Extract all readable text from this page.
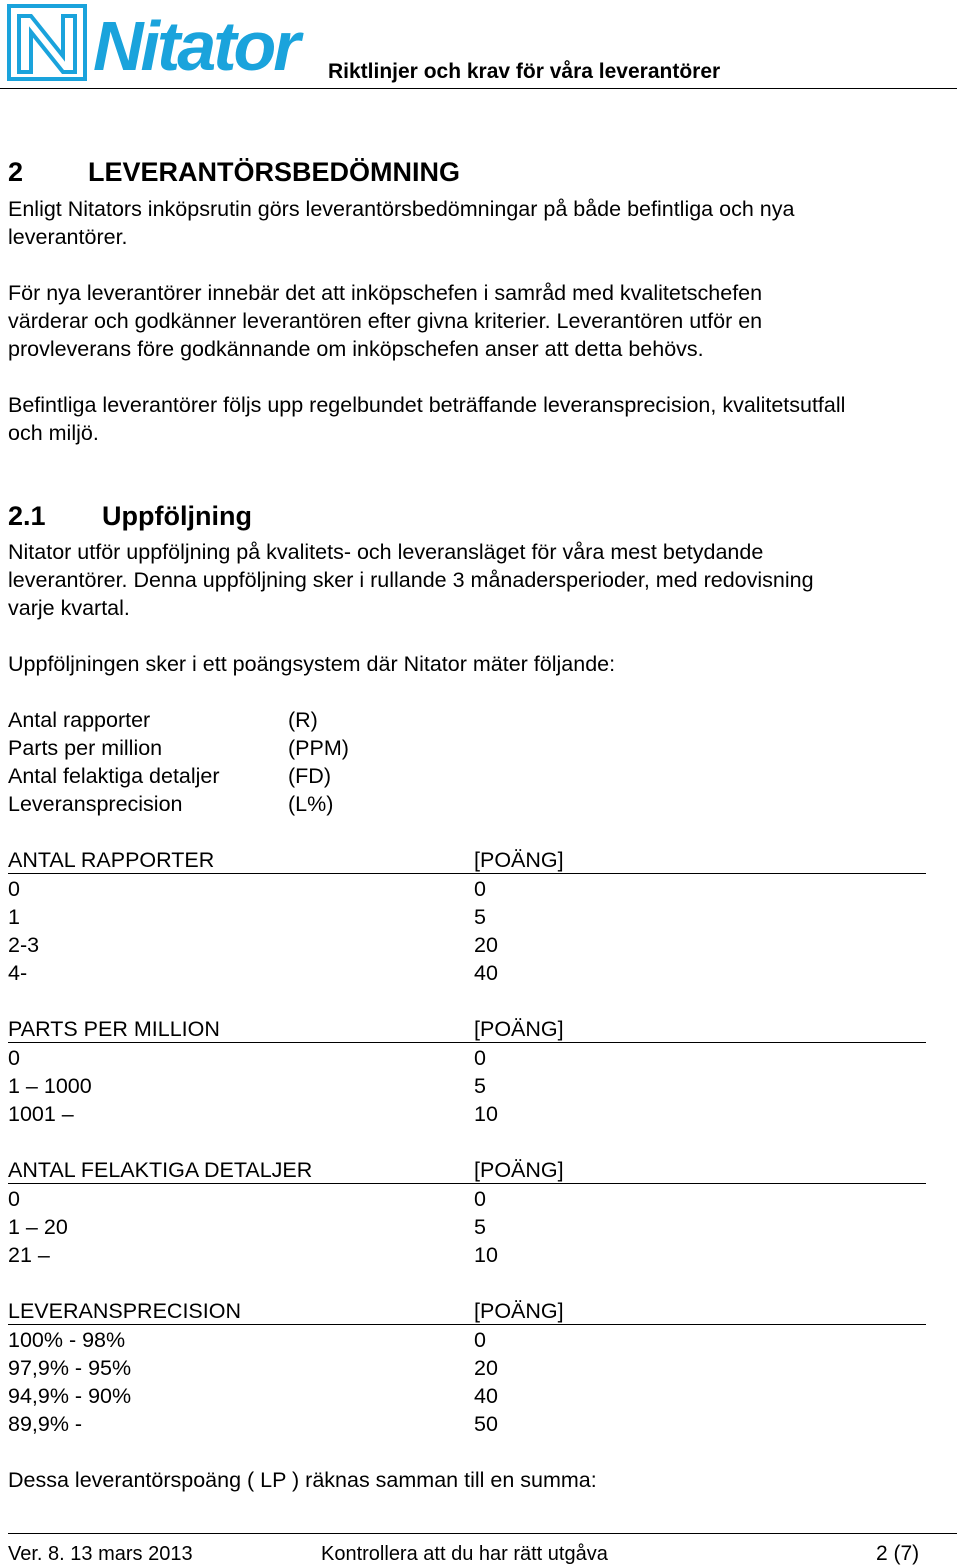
Nitator Riktlinjer och krav för våra leverantörer
2 LEVERANTÖRSBEDÖMNING
Enligt Nitators inköpsrutin görs leverantörsbedömningar på både befintliga och nya
leverantörer.
För nya leverantörer innebär det att inköpschefen i samråd med kvalitetschefen
värderar och godkänner leverantören efter givna kriterier. Leverantören utför en
provleverans före godkännande om inköpschefen anser att detta behövs.
Befintliga leverantörer följs upp regelbundet beträffande leveransprecision, kvalitetsutfall
och miljö.
2.1 Uppföljning
Nitator utför uppföljning på kvalitets- och leveransläget för våra mest betydande
leverantörer. Denna uppföljning sker i rullande 3 månadersperioder, med redovisning
varje kvartal.
Uppföljningen sker i ett poängsystem där Nitator mäter följande:
Antal rapporter	(R)
Parts per million	(PPM)
Antal felaktiga detaljer	(FD)
Leveransprecision	(L%)
ANTAL RAPPORTER	[POÄNG]
0	0
1	5
2-3	20
4-	40
PARTS PER MILLION	[POÄNG]
0	0
1 – 1000	5
1001 –	10
ANTAL FELAKTIGA DETALJER	[POÄNG]
0	0
1 – 20	5
21 –	10
LEVERANSPRECISION	[POÄNG]
100% - 98%	0
97,9% - 95%	20
94,9% - 90%	40
89,9% -	50
Dessa leverantörspoäng ( LP ) räknas samman till en summa:
Ver. 8. 13 mars 2013	Kontrollera att du har rätt utgåva	2 (7)
